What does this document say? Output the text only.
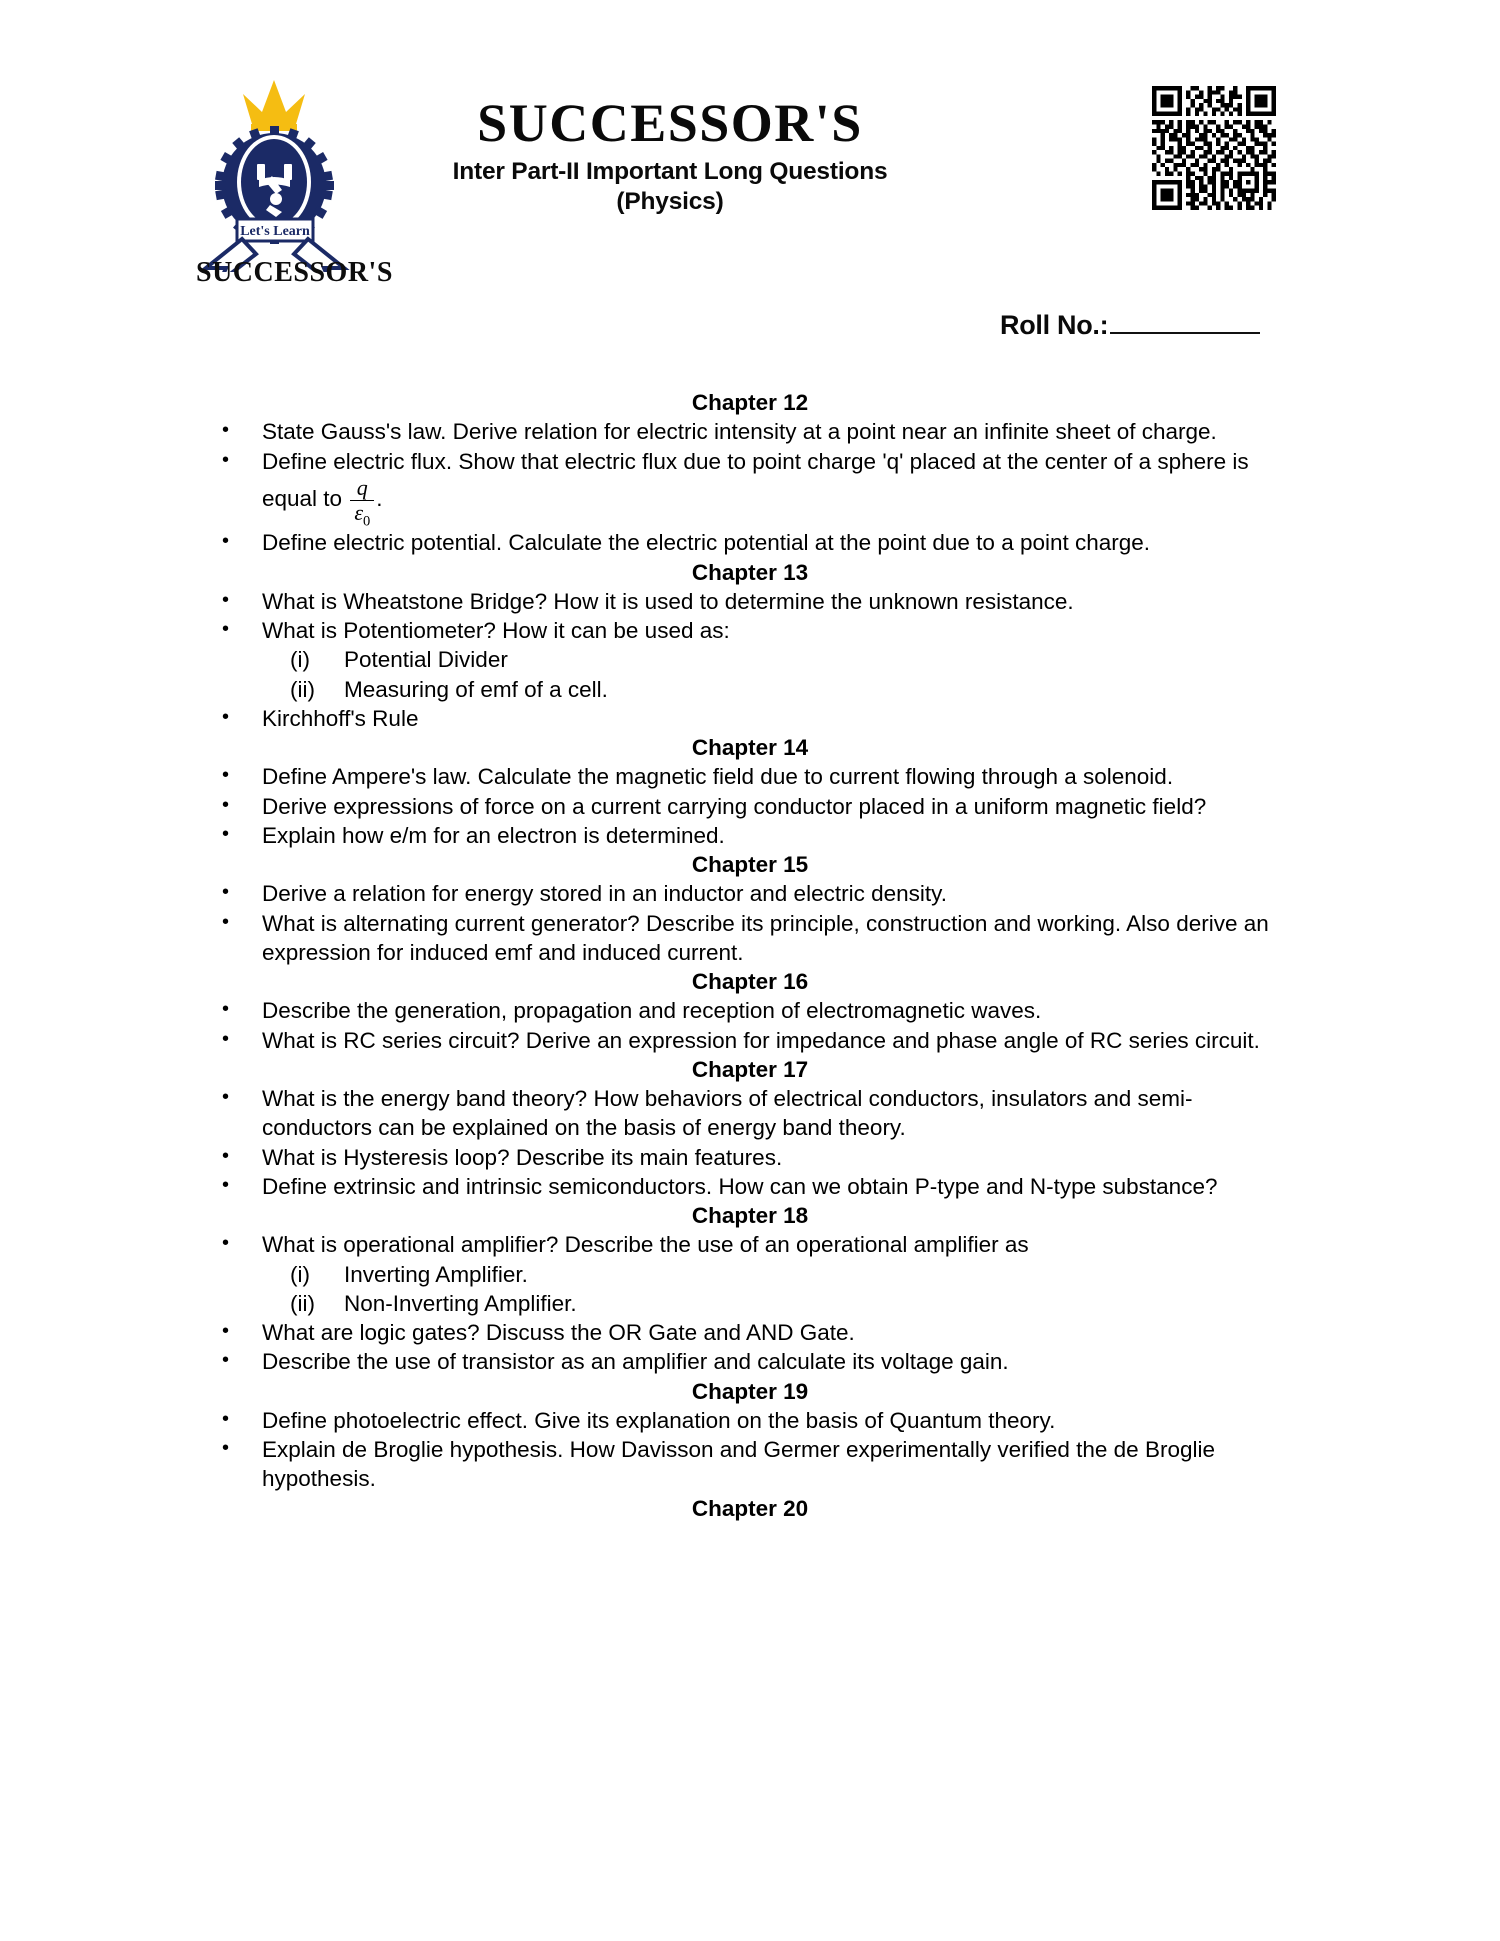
Let's Learn
SUCCESSOR'S
SUCCESSOR'S
Inter Part-II Important Long Questions
(Physics)
Roll No.:
Chapter 12
• State Gauss's law. Derive relation for electric intensity at a point near an infinite sheet of charge.
• Define electric flux. Show that electric flux due to point charge 'q' placed at the center of a sphere is equal to $\frac{q}{\varepsilon_0}$ .
• Define electric potential. Calculate the electric potential at the point due to a point charge.
Chapter 13
• What is Wheatstone Bridge? How it is used to determine the unknown resistance.
• What is Potentiometer? How it can be used as:
(i) Potential Divider
(ii) Measuring of emf of a cell.
• Kirchhoff's Rule
Chapter 14
• Define Ampere's law. Calculate the magnetic field due to current flowing through a solenoid.
• Derive expressions of force on a current carrying conductor placed in a uniform magnetic field?
• Explain how e/m for an electron is determined.
Chapter 15
• Derive a relation for energy stored in an inductor and electric density.
• What is alternating current generator? Describe its principle, construction and working. Also derive an expression for induced emf and induced current.
Chapter 16
• Describe the generation, propagation and reception of electromagnetic waves.
• What is RC series circuit? Derive an expression for impedance and phase angle of RC series circuit.
Chapter 17
• What is the energy band theory? How behaviors of electrical conductors, insulators and semi-conductors can be explained on the basis of energy band theory.
• What is Hysteresis loop? Describe its main features.
• Define extrinsic and intrinsic semiconductors. How can we obtain P-type and N-type substance?
Chapter 18
• What is operational amplifier? Describe the use of an operational amplifier as
(i) Inverting Amplifier.
(ii) Non-Inverting Amplifier.
• What are logic gates? Discuss the OR Gate and AND Gate.
• Describe the use of transistor as an amplifier and calculate its voltage gain.
Chapter 19
• Define photoelectric effect. Give its explanation on the basis of Quantum theory.
• Explain de Broglie hypothesis. How Davisson and Germer experimentally verified the de Broglie hypothesis.
Chapter 20
